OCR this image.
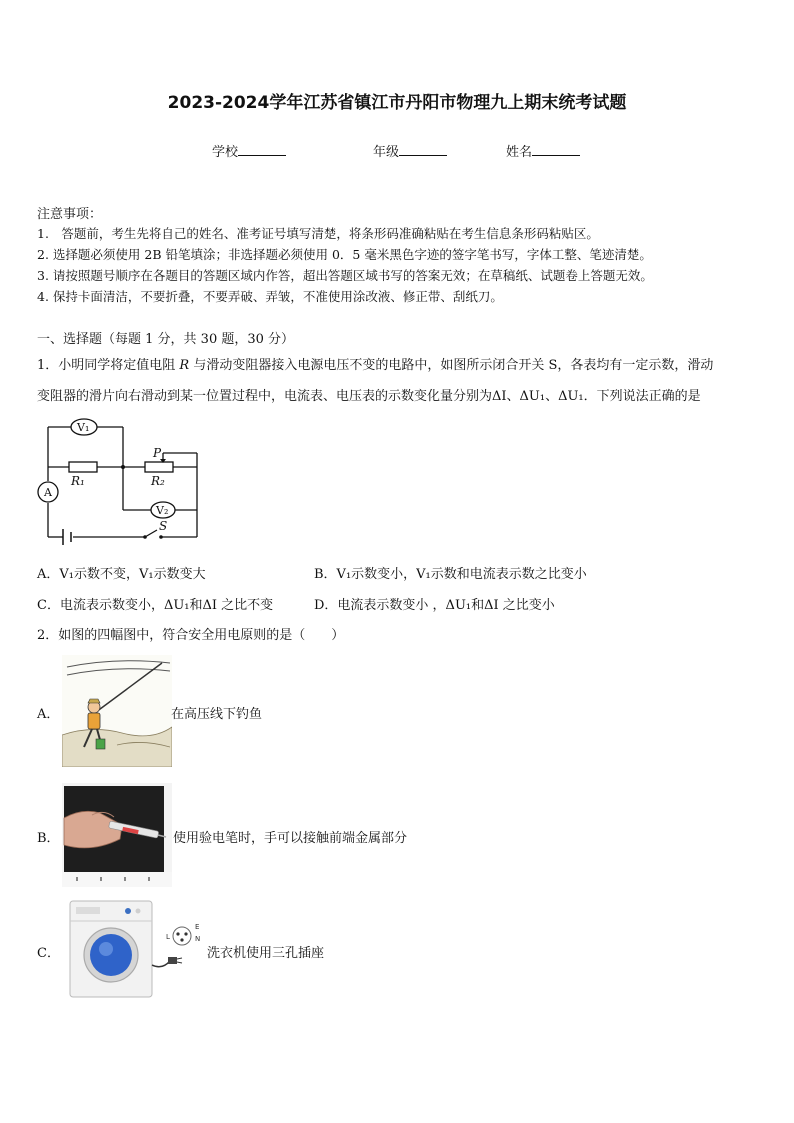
2023-2024学年江苏省镇江市丹阳市物理九上期末统考试题
学校	年级	姓名
注意事项：
1.　答题前，考生先将自己的姓名、准考证号填写清楚，将条形码准确粘贴在考生信息条形码粘贴区。
2. 选择题必须使用 2B 铅笔填涂；非选择题必须使用 0．5 毫米黑色字迹的签字笔书写，字体工整、笔迹清楚。
3. 请按照题号顺序在各题目的答题区域内作答，超出答题区域书写的答案无效；在草稿纸、试题卷上答题无效。
4. 保持卡面清洁，不要折叠，不要弄破、弄皱，不准使用涂改液、修正带、刮纸刀。
一、选择题（每题 1 分，共 30 题，30 分）
1．小明同学将定值电阻 R 与滑动变阻器接入电源电压不变的电路中，如图所示闭合开关 S，各表均有一定示数，滑动
变阻器的滑片向右滑动到某一位置过程中，电流表、电压表的示数变化量分别为ΔI、ΔU₁、ΔU₁．下列说法正确的是
V₁
V₂
A
R₁	R₂
P
S
A．V₁示数不变，V₁示数变大	B．V₁示数变小，V₁示数和电流表示数之比变小
C．电流表示数变小，ΔU₁和ΔI 之比不变	D．电流表示数变小 ，ΔU₁和ΔI 之比变小
2．如图的四幅图中，符合安全用电原则的是（　　）
A．	在高压线下钓鱼
B．	使用验电笔时，手可以接触前端金属部分
C．
L
E
N
洗衣机使用三孔插座
